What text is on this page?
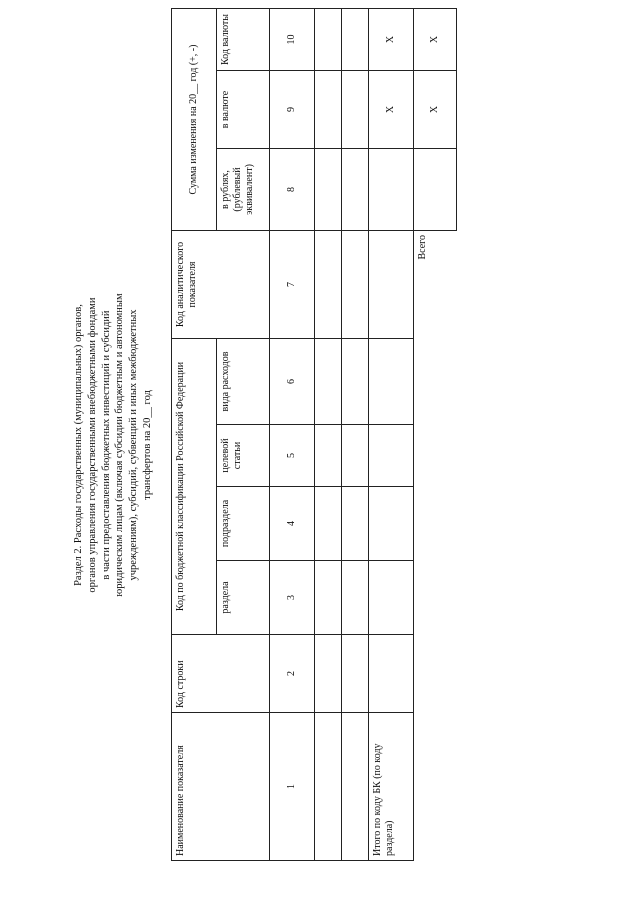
Раздел 2. Расходы государственных (муниципальных) органов, органов управления государственными внебюджетными фондами в части предоставления бюджетных инвестиций и субсидий юридическим лицам (включая субсидии бюджетным и автономным учреждениям), субсидий, субвенций и иных межбюджетных трансфертов на 20__ год
Наименование показателя	Код строки	Код по бюджетной классификации Российской Федерации				Код аналитического показателя	Сумма изменения на 20__ год (+, -)		
		раздела	подраздела	целевой статьи	вида расходов		в рублях, (рублевый эквивалент)	в валюте	Код валюты
1	2	3	4	5	6	7	8	9	10

Итого по коду БК (по коду раздела)								X	X
						Всего		X	X
